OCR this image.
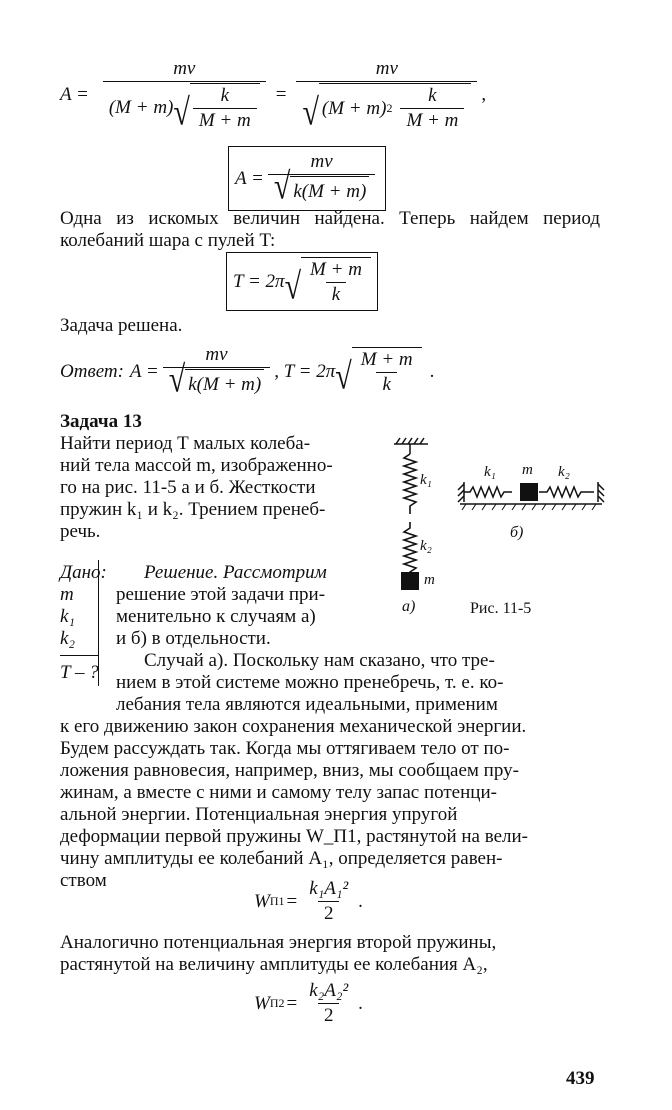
$A = \frac{mv}{(M + m) √ \frac{k}{M + m}} = \frac{mv}{√ (M + m) 2 \frac{k}{M + m}}$ ,
$A = \frac{mv}{√ k(M + m)}$
Одна из искомых величин найдена. Теперь найдем период колебаний шара с пулей T:
T = 2π √ $\frac{M + m}{k}$
Задача решена.
Ответ: $A = \frac{mv}{√ k(M + m)}$ , T = 2π √ $\frac{M + m}{k}$ .
Задача 13
Найти период T малых колеба-
ний тела массой m, изображенно-
го на рис. 11-5 а и б. Жесткости
пружин k₁ и k₂. Трением пренеб-
речь.
Дано:
m
k₁
k₂
T – ?
Решение. Рассмотрим
решение этой задачи при-
менительно к случаям а)
и б) в отдельности.
Случай а). Поскольку нам сказано, что тре-
нием в этой системе можно пренебречь, т. е. ко-
лебания тела являются идеальными, применим
к его движению закон сохранения механической энергии.
Будем рассуждать так. Когда мы оттягиваем тело от по-
ложения равновесия, например, вниз, мы сообщаем пру-
жинам, а вместе с ними и самому телу запас потенци-
альной энергии. Потенциальная энергия упругой
деформации первой пружины W_П1, растянутой на вели-
чину амплитуды ее колебаний A₁, определяется равен-
ством
W $П1 = \frac{\text{k₁A₁²}}{2}$ .
Аналогично потенциальная энергия второй пружины,
растянутой на величину амплитуды ее колебания A₂,
W $П2 = \frac{\text{k₂A₂²}}{2}$ .
439
k₁
k₂
m
k₁ m k₂
б)
а)	Рис. 11-5
